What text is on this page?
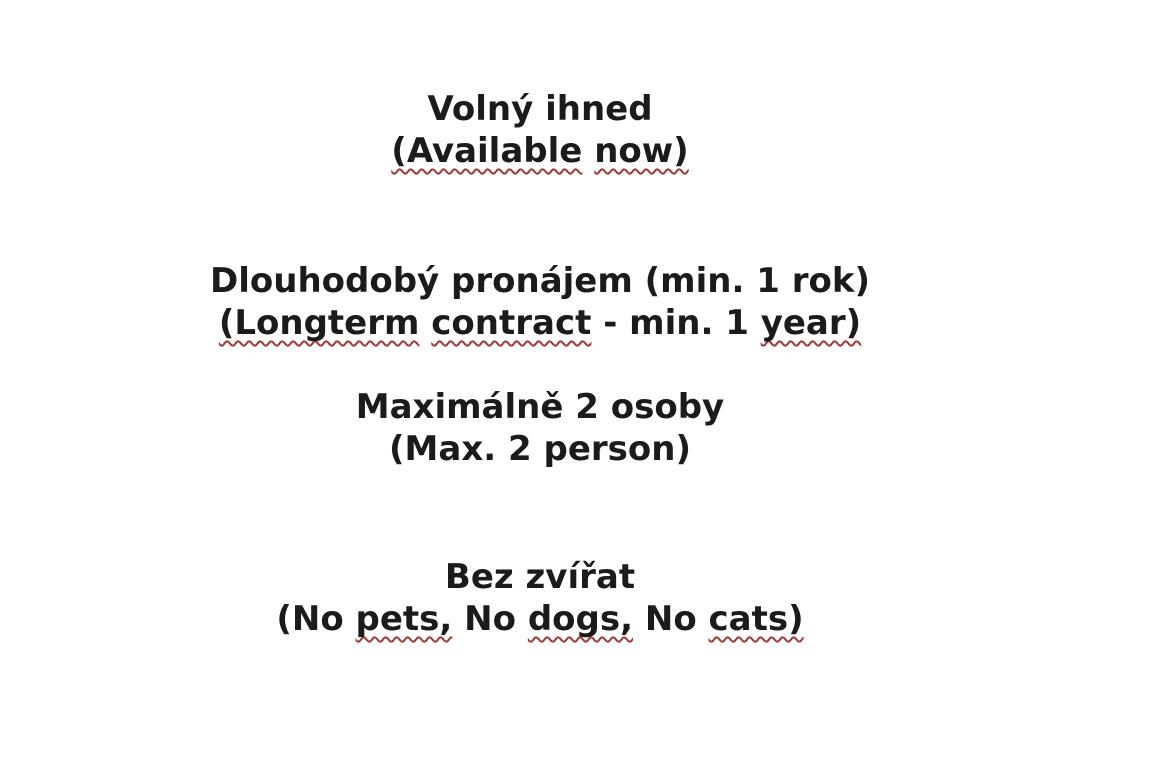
Volný ihned
(Available now)
Dlouhodobý pronájem (min. 1 rok)
(Longterm contract - min. 1 year)
Maximálně 2 osoby
(Max. 2 person)
Bez zvířat
(No pets, No dogs, No cats)
